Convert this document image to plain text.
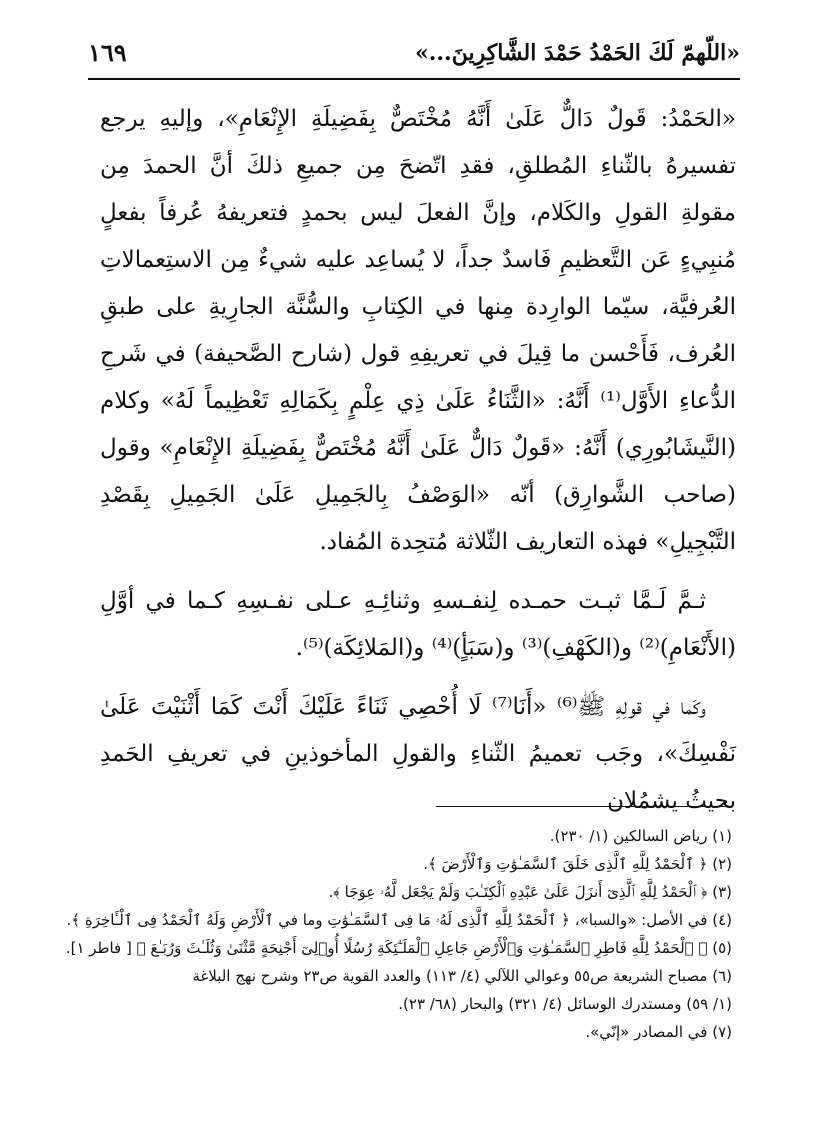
«اللّهمّ لَكَ الحَمْدُ حَمْدَ الشَّاكِرِينَ...»
١٦٩

«الحَمْدُ: قَولٌ دَالٌّ عَلَىٰ أَنَّهُ مُخْتَصٌّ بِفَضِيلَةِ الإِنْعَامِ»، وإليهِ يرجع تفسيرهُ بالثّناءِ المُطلقِ، فقدِ اتّضحَ مِن جميعِ ذلكَ أنَّ الحمدَ مِن مقولةِ القولِ والكَلام، وإنَّ الفعلَ ليس بحمدٍ فتعريفهُ عُرفاً بفعلٍ مُنبِيءٍ عَن التَّعظيمِ فَاسدٌ جداً، لا يُساعِد عليه شيءٌ مِن الاستِعمالاتِ العُرفيَّة، سيّما الوارِدة مِنها في الكِتابِ والسُّنَّة الجارِيةِ على طبقِ العُرف، فَأَحْسن ما قِيلَ في تعريفِهِ قول (شارح الصَّحيفة) في شَرحِ الدُّعاءِ الأَوَّل⁽¹⁾ أَنَّهُ: «الثَّنَاءُ عَلَىٰ ذِي عِلْمٍ بِكَمَالِهِ تَعْظِيماً لَهُ» وكلام (النَّيشَابُورِي) أَنَّهُ: «قَولٌ دَالٌّ عَلَىٰ أَنَّهُ مُخْتَصٌّ بِفَضِيلَةِ الإِنْعَامِ» وقول (صاحب الشَّوارِق) أنّه «الوَصْفُ بِالجَمِيلِ عَلَىٰ الجَمِيلِ بِقَصْدِ التَّبْجِيلِ» فهذه التعاريف الثّلاثة مُتحِدة المُفاد.

ثـمَّ لَـمَّا ثبـت حمـده لِنفـسهِ وثنائِـهِ عـلى نفـسِهِ كـما في أوَّلِ (الأَنْعَامِ)⁽²⁾ و(الكَهْفِ)⁽³⁾ و(سَبَأٍ)⁽⁴⁾ و(المَلائِكَة)⁽⁵⁾.

وكَما في قولِهِ ﷺ⁽⁶⁾ «أَنَا⁽⁷⁾ لَا أُحْصِي ثَنَاءً عَلَيْكَ أَنْتَ كَمَا أَثْنَيْتَ عَلَىٰ نَفْسِكَ»، وجَب تعميمُ الثّناءِ والقولِ المأخوذينِ في تعريفِ الحَمدِ بحيثُ يشمُلان

(١) رياض السالكين (١/ ٢٣٠).
(٢) ﴿ ٱلْحَمْدُ لِلَّهِ ٱلَّذِى خَلَقَ ٱلسَّمَـٰوَٰتِ وَٱلْأَرْضَ ﴾.
(٣) ﴿ ٱلْحَمْدُ لِلَّهِ ٱلَّذِىٓ أَنزَلَ عَلَىٰ عَبْدِهِ ٱلْكِتَـٰبَ وَلَمْ يَجْعَل لَّهُۥ عِوَجَا ﴾.
(٤) في الأصل: «والسبا»، ﴿ ٱلْحَمْدُ لِلَّهِ ٱلَّذِى لَهُۥ مَا فِى ٱلسَّمَـٰوَٰتِ وما في ٱلْأَرْضِ وَلَهُ ٱلْحَمْدُ فِى ٱلْـَٔاخِرَةِ ﴾.
(٥) ﴿ ٱلْحَمْدُ لِلَّهِ فَاطِرِ ٱلسَّمَـٰوَٰتِ وَٱلْأَرْضِ جَاعِلِ ٱلْمَلَـٰٓئِكَةِ رُسُلًا أُو۟لِىٓ أَجْنِحَةٍ مَّثْنَىٰ وَثُلَـٰثَ وَرُبَـٰعَ ﴾ [ فاطر ١].
(٦) مصباح الشريعة ص٥٥ وعوالي اللآلي (٤/ ١١٣) والعدد القوية ص٢٣ وشرح نهج البلاغة
(١/ ٥٩) ومستدرك الوسائل (٤/ ٣٢١) والبحار (٦٨/ ٢٣).
(٧) في المصادر «إنّي».
